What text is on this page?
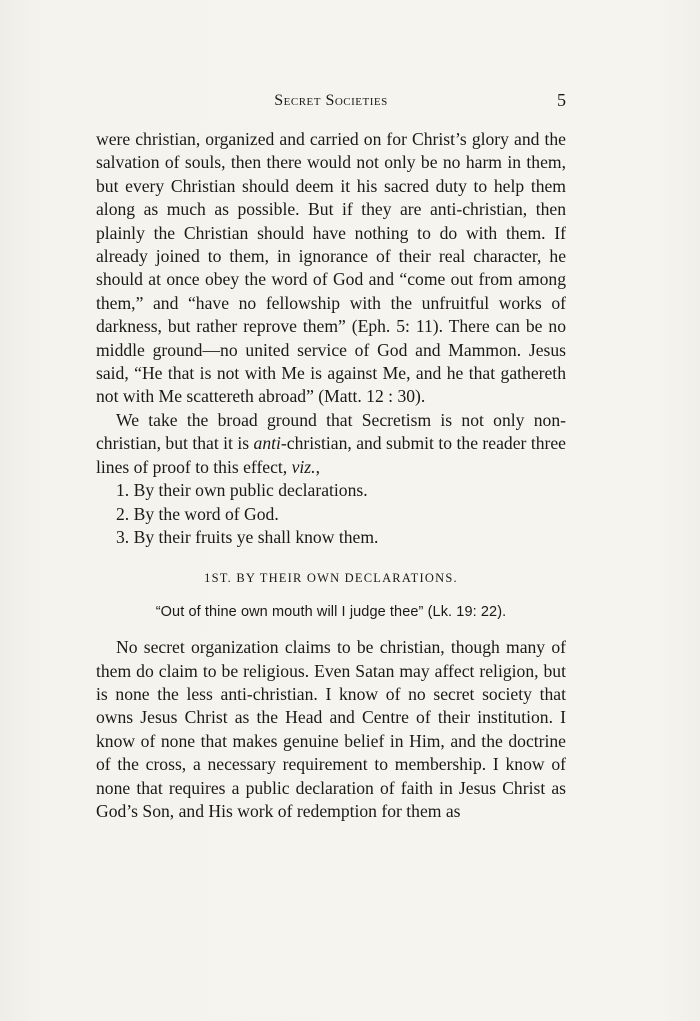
Secret Societies	5

were christian, organized and carried on for Christ’s glory and the salvation of souls, then there would not only be no harm in them, but every Christian should deem it his sacred duty to help them along as much as possible. But if they are anti-christian, then plainly the Christian should have nothing to do with them. If already joined to them, in ignorance of their real character, he should at once obey the word of God and “come out from among them,” and “have no fellowship with the unfruitful works of darkness, but rather reprove them” (Eph. 5: 11). There can be no middle ground—no united service of God and Mammon. Jesus said, “He that is not with Me is against Me, and he that gathereth not with Me scattereth abroad” (Matt. 12 : 30).

We take the broad ground that Secretism is not only non-christian, but that it is anti-christian, and submit to the reader three lines of proof to this effect, viz.,

1. By their own public declarations.
2. By the word of God.
3. By their fruits ye shall know them.
1ST. BY THEIR OWN DECLARATIONS.
“Out of thine own mouth will I judge thee” (Lk. 19: 22).

No secret organization claims to be christian, though many of them do claim to be religious. Even Satan may affect religion, but is none the less anti-christian. I know of no secret society that owns Jesus Christ as the Head and Centre of their institution. I know of none that makes genuine belief in Him, and the doctrine of the cross, a necessary requirement to membership. I know of none that requires a public declaration of faith in Jesus Christ as God’s Son, and His work of redemption for them as
